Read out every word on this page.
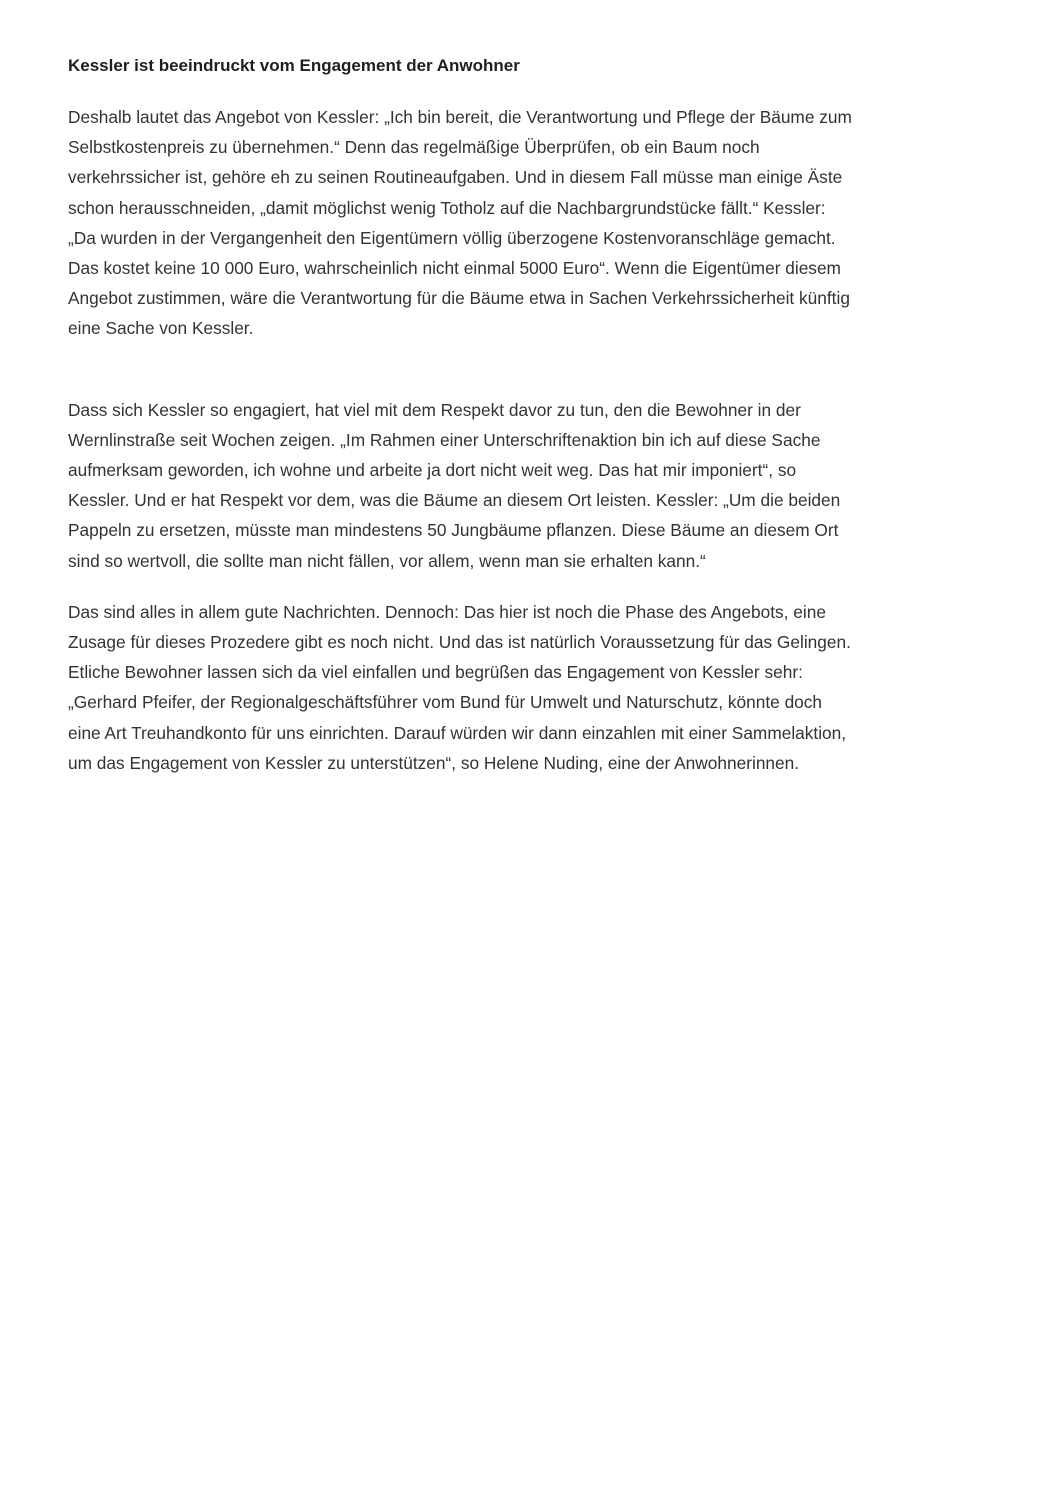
Kessler ist beeindruckt vom Engagement der Anwohner

Deshalb lautet das Angebot von Kessler: „Ich bin bereit, die Verantwortung und Pflege der Bäume zum Selbstkostenpreis zu übernehmen.“ Denn das regelmäßige Überprüfen, ob ein Baum noch verkehrssicher ist, gehöre eh zu seinen Routineaufgaben. Und in diesem Fall müsse man einige Äste schon herausschneiden, „damit möglichst wenig Totholz auf die Nachbargrundstücke fällt.“ Kessler: „Da wurden in der Vergangenheit den Eigentümern völlig überzogene Kostenvoranschläge gemacht. Das kostet keine 10 000 Euro, wahrscheinlich nicht einmal 5000 Euro“. Wenn die Eigentümer diesem Angebot zustimmen, wäre die Verantwortung für die Bäume etwa in Sachen Verkehrssicherheit künftig eine Sache von Kessler.

Dass sich Kessler so engagiert, hat viel mit dem Respekt davor zu tun, den die Bewohner in der Wernlinstraße seit Wochen zeigen. „Im Rahmen einer Unterschriftenaktion bin ich auf diese Sache aufmerksam geworden, ich wohne und arbeite ja dort nicht weit weg. Das hat mir imponiert“, so Kessler. Und er hat Respekt vor dem, was die Bäume an diesem Ort leisten. Kessler: „Um die beiden Pappeln zu ersetzen, müsste man mindestens 50 Jungbäume pflanzen. Diese Bäume an diesem Ort sind so wertvoll, die sollte man nicht fällen, vor allem, wenn man sie erhalten kann.“

Das sind alles in allem gute Nachrichten. Dennoch: Das hier ist noch die Phase des Angebots, eine Zusage für dieses Prozedere gibt es noch nicht. Und das ist natürlich Voraussetzung für das Gelingen. Etliche Bewohner lassen sich da viel einfallen und begrüßen das Engagement von Kessler sehr: „Gerhard Pfeifer, der Regionalgeschäftsführer vom Bund für Umwelt und Naturschutz, könnte doch eine Art Treuhandkonto für uns einrichten. Darauf würden wir dann einzahlen mit einer Sammelaktion, um das Engagement von Kessler zu unterstützen“, so Helene Nuding, eine der Anwohnerinnen.
